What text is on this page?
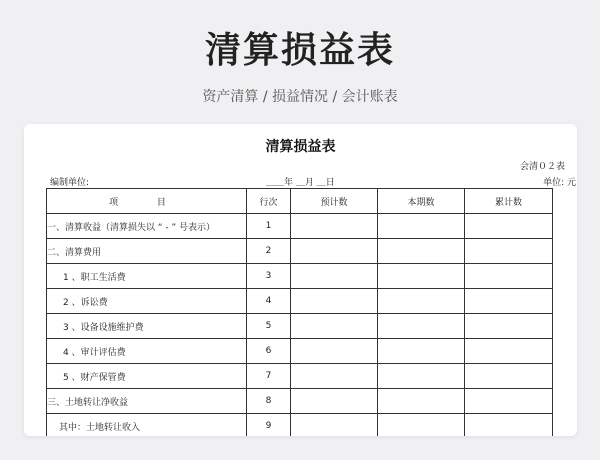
清算损益表
资产清算 / 损益情况 / 会计账表
清算损益表
会清０２表
编制单位:	＿＿年 ＿月 ＿日	单位: 元
项 目	行次	预计数	本期数	累计数
一、清算收益（清算损失以 “ - ” 号表示）	1			
二、清算费用	2			
1 、职工生活费	3			
2 、诉讼费	4			
3 、设备设施维护费	5			
4 、审计评估费	6			
5 、财产保管费	7			
三、土地转让净收益	8			
其中：土地转让收入	9			
